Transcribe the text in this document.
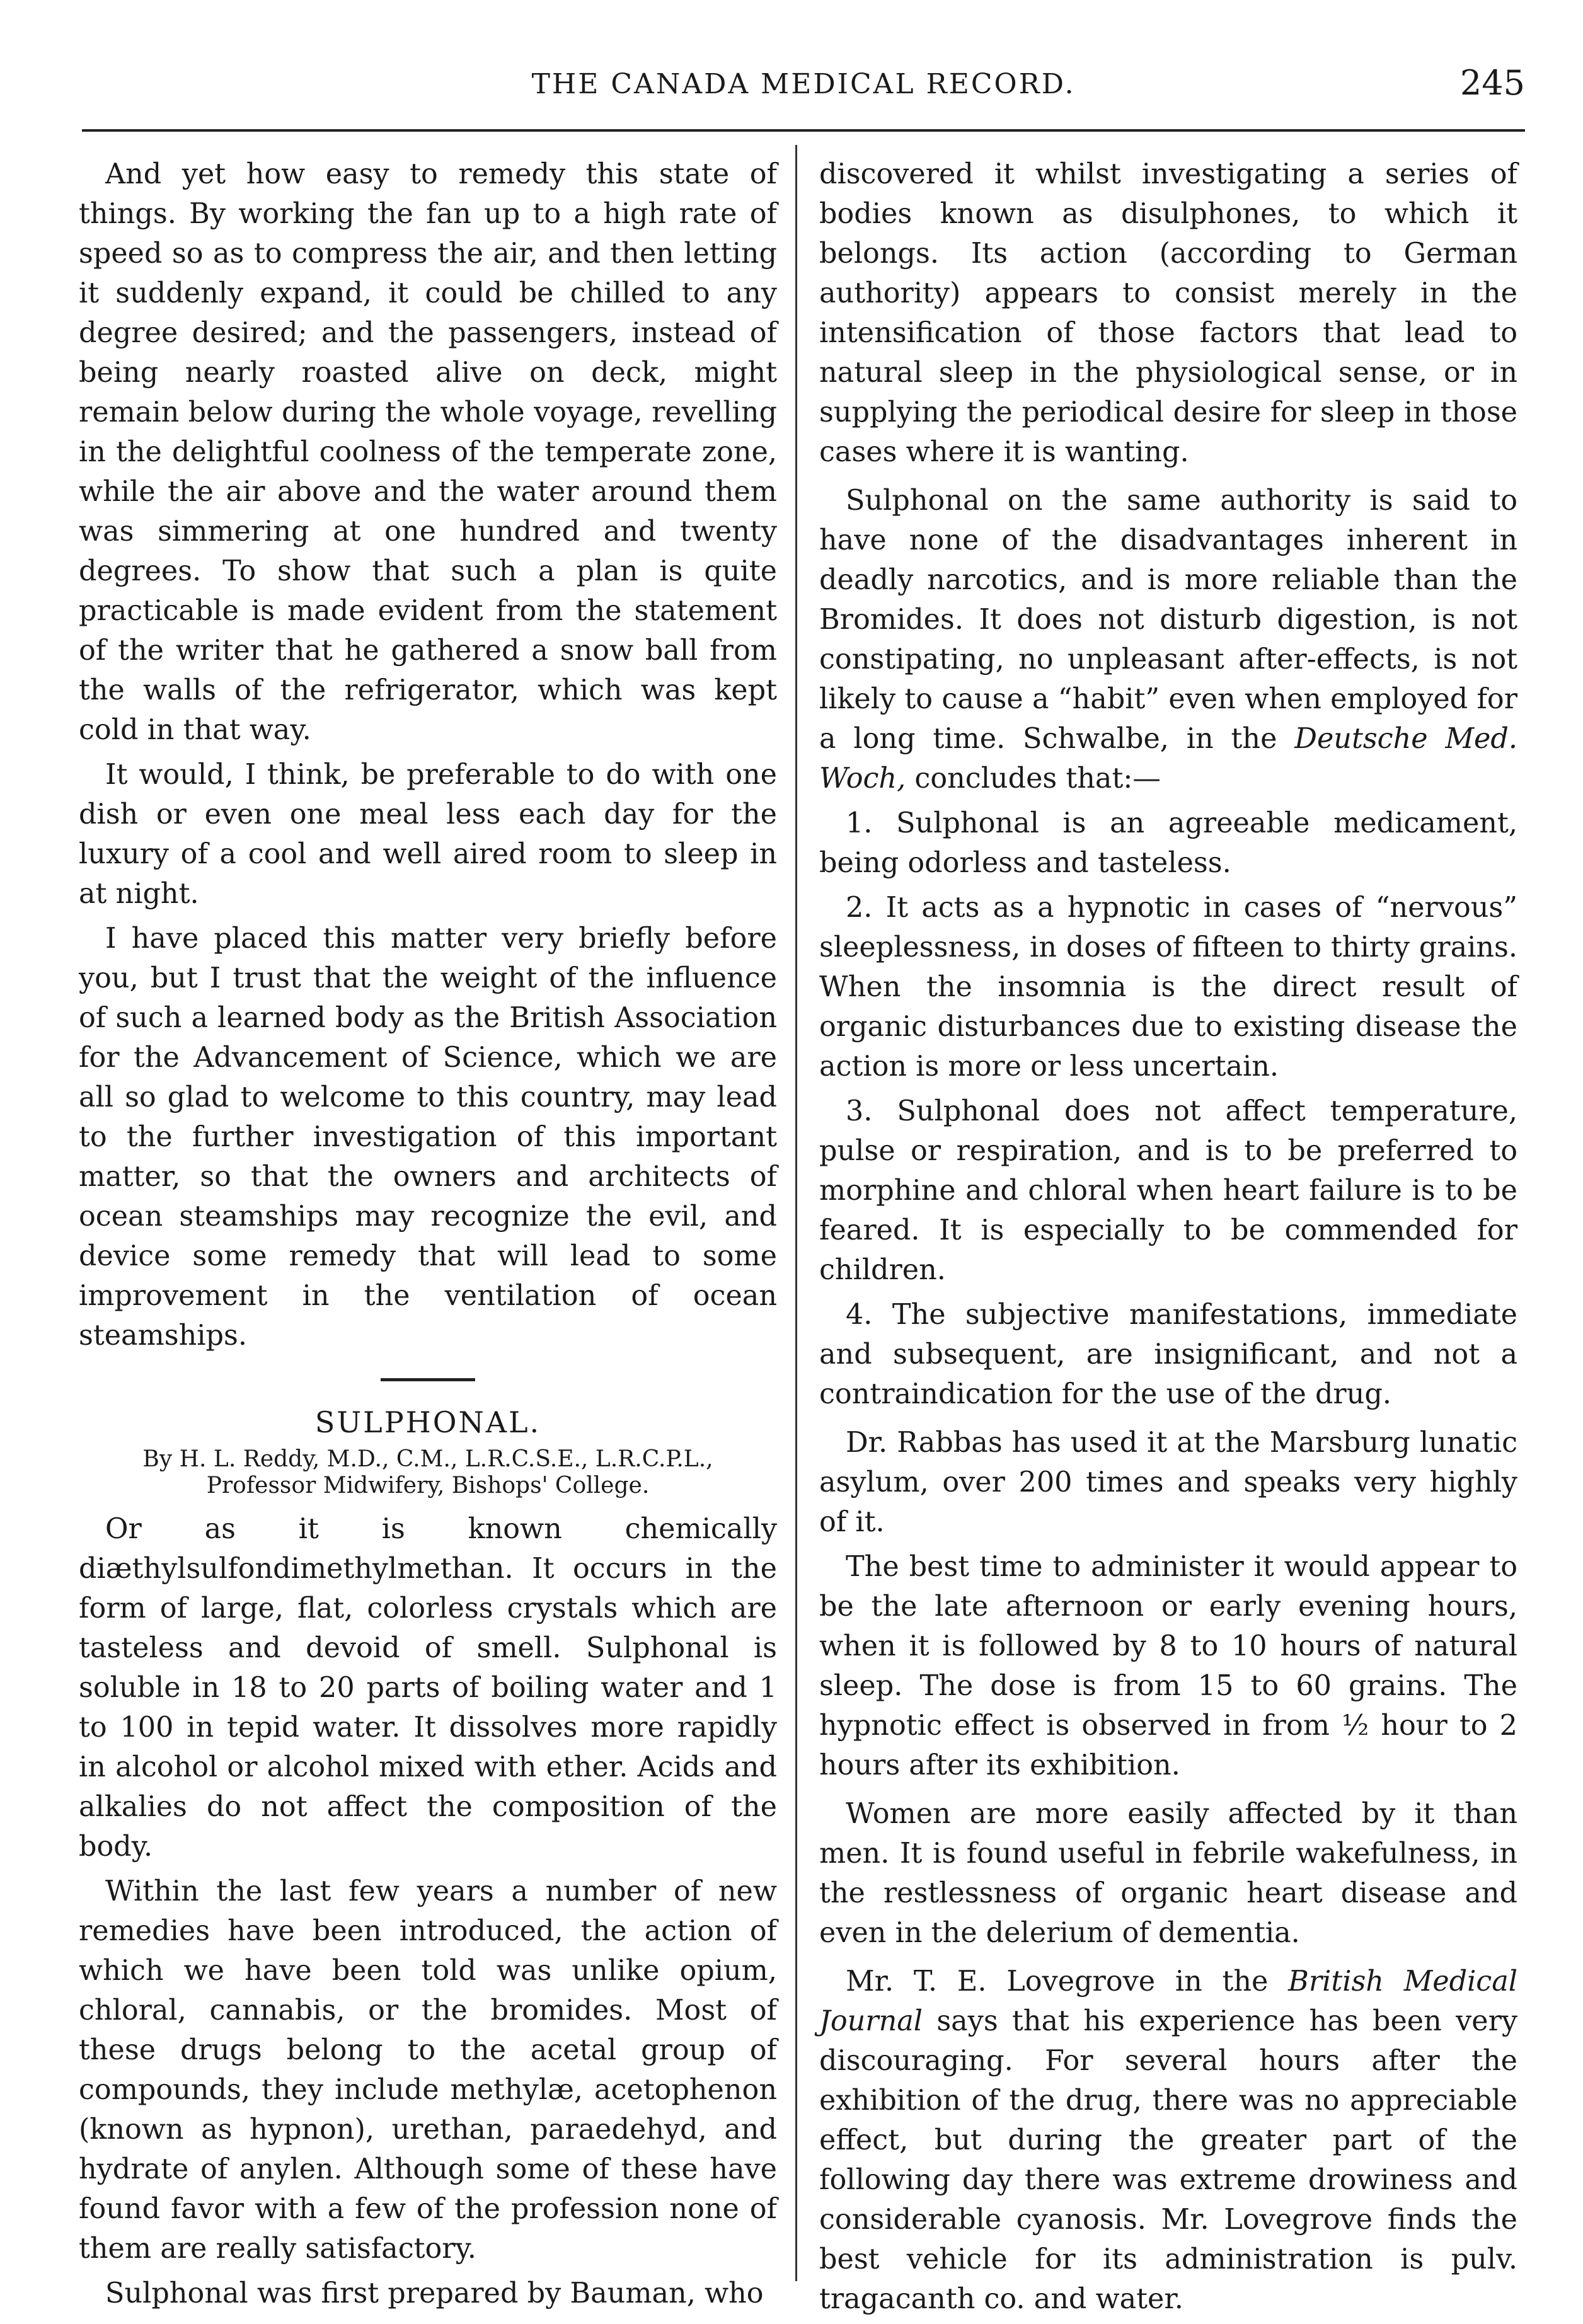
THE CANADA MEDICAL RECORD.	245

And yet how easy to remedy this state of things. By working the fan up to a high rate of speed so as to compress the air, and then letting it suddenly expand, it could be chilled to any degree desired; and the passengers, instead of being nearly roasted alive on deck, might remain below during the whole voyage, revelling in the delightful coolness of the temperate zone, while the air above and the water around them was simmering at one hundred and twenty degrees. To show that such a plan is quite practicable is made evident from the statement of the writer that he gathered a snow ball from the walls of the refrigerator, which was kept cold in that way.

It would, I think, be preferable to do with one dish or even one meal less each day for the luxury of a cool and well aired room to sleep in at night.

I have placed this matter very briefly before you, but I trust that the weight of the influence of such a learned body as the British Association for the Advancement of Science, which we are all so glad to welcome to this country, may lead to the further investigation of this important matter, so that the owners and architects of ocean steamships may recognize the evil, and device some remedy that will lead to some improvement in the ventilation of ocean steamships.

SULPHONAL.
By H. L. Reddy, M.D., C.M., L.R.C.S.E., L.R.C.P.L.,
Professor Midwifery, Bishops' College.

Or as it is known chemically diæthylsulfondimethylmethan. It occurs in the form of large, flat, colorless crystals which are tasteless and devoid of smell. Sulphonal is soluble in 18 to 20 parts of boiling water and 1 to 100 in tepid water. It dissolves more rapidly in alcohol or alcohol mixed with ether. Acids and alkalies do not affect the composition of the body.

Within the last few years a number of new remedies have been introduced, the action of which we have been told was unlike opium, chloral, cannabis, or the bromides. Most of these drugs belong to the acetal group of compounds, they include methylæ, acetophenon (known as hypnon), urethan, paraedehyd, and hydrate of anylen. Although some of these have found favor with a few of the profession none of them are really satisfactory.

Sulphonal was first prepared by Bauman, who

discovered it whilst investigating a series of bodies known as disulphones, to which it belongs. Its action (according to German authority) appears to consist merely in the intensification of those factors that lead to natural sleep in the physiological sense, or in supplying the periodical desire for sleep in those cases where it is wanting.

Sulphonal on the same authority is said to have none of the disadvantages inherent in deadly narcotics, and is more reliable than the Bromides. It does not disturb digestion, is not constipating, no unpleasant after-effects, is not likely to cause a “habit” even when employed for a long time. Schwalbe, in the Deutsche Med. Woch, concludes that:—

1. Sulphonal is an agreeable medicament, being odorless and tasteless.

2. It acts as a hypnotic in cases of “nervous” sleeplessness, in doses of fifteen to thirty grains. When the insomnia is the direct result of organic disturbances due to existing disease the action is more or less uncertain.

3. Sulphonal does not affect temperature, pulse or respiration, and is to be preferred to morphine and chloral when heart failure is to be feared. It is especially to be commended for children.

4. The subjective manifestations, immediate and subsequent, are insignificant, and not a contraindication for the use of the drug.

Dr. Rabbas has used it at the Marsburg lunatic asylum, over 200 times and speaks very highly of it.

The best time to administer it would appear to be the late afternoon or early evening hours, when it is followed by 8 to 10 hours of natural sleep. The dose is from 15 to 60 grains. The hypnotic effect is observed in from ½ hour to 2 hours after its exhibition.

Women are more easily affected by it than men. It is found useful in febrile wakefulness, in the restlessness of organic heart disease and even in the delerium of dementia.

Mr. T. E. Lovegrove in the British Medical Journal says that his experience has been very discouraging. For several hours after the exhibition of the drug, there was no appreciable effect, but during the greater part of the following day there was extreme drowiness and considerable cyanosis. Mr. Lovegrove finds the best vehicle for its administration is pulv. tragacanth co. and water.
